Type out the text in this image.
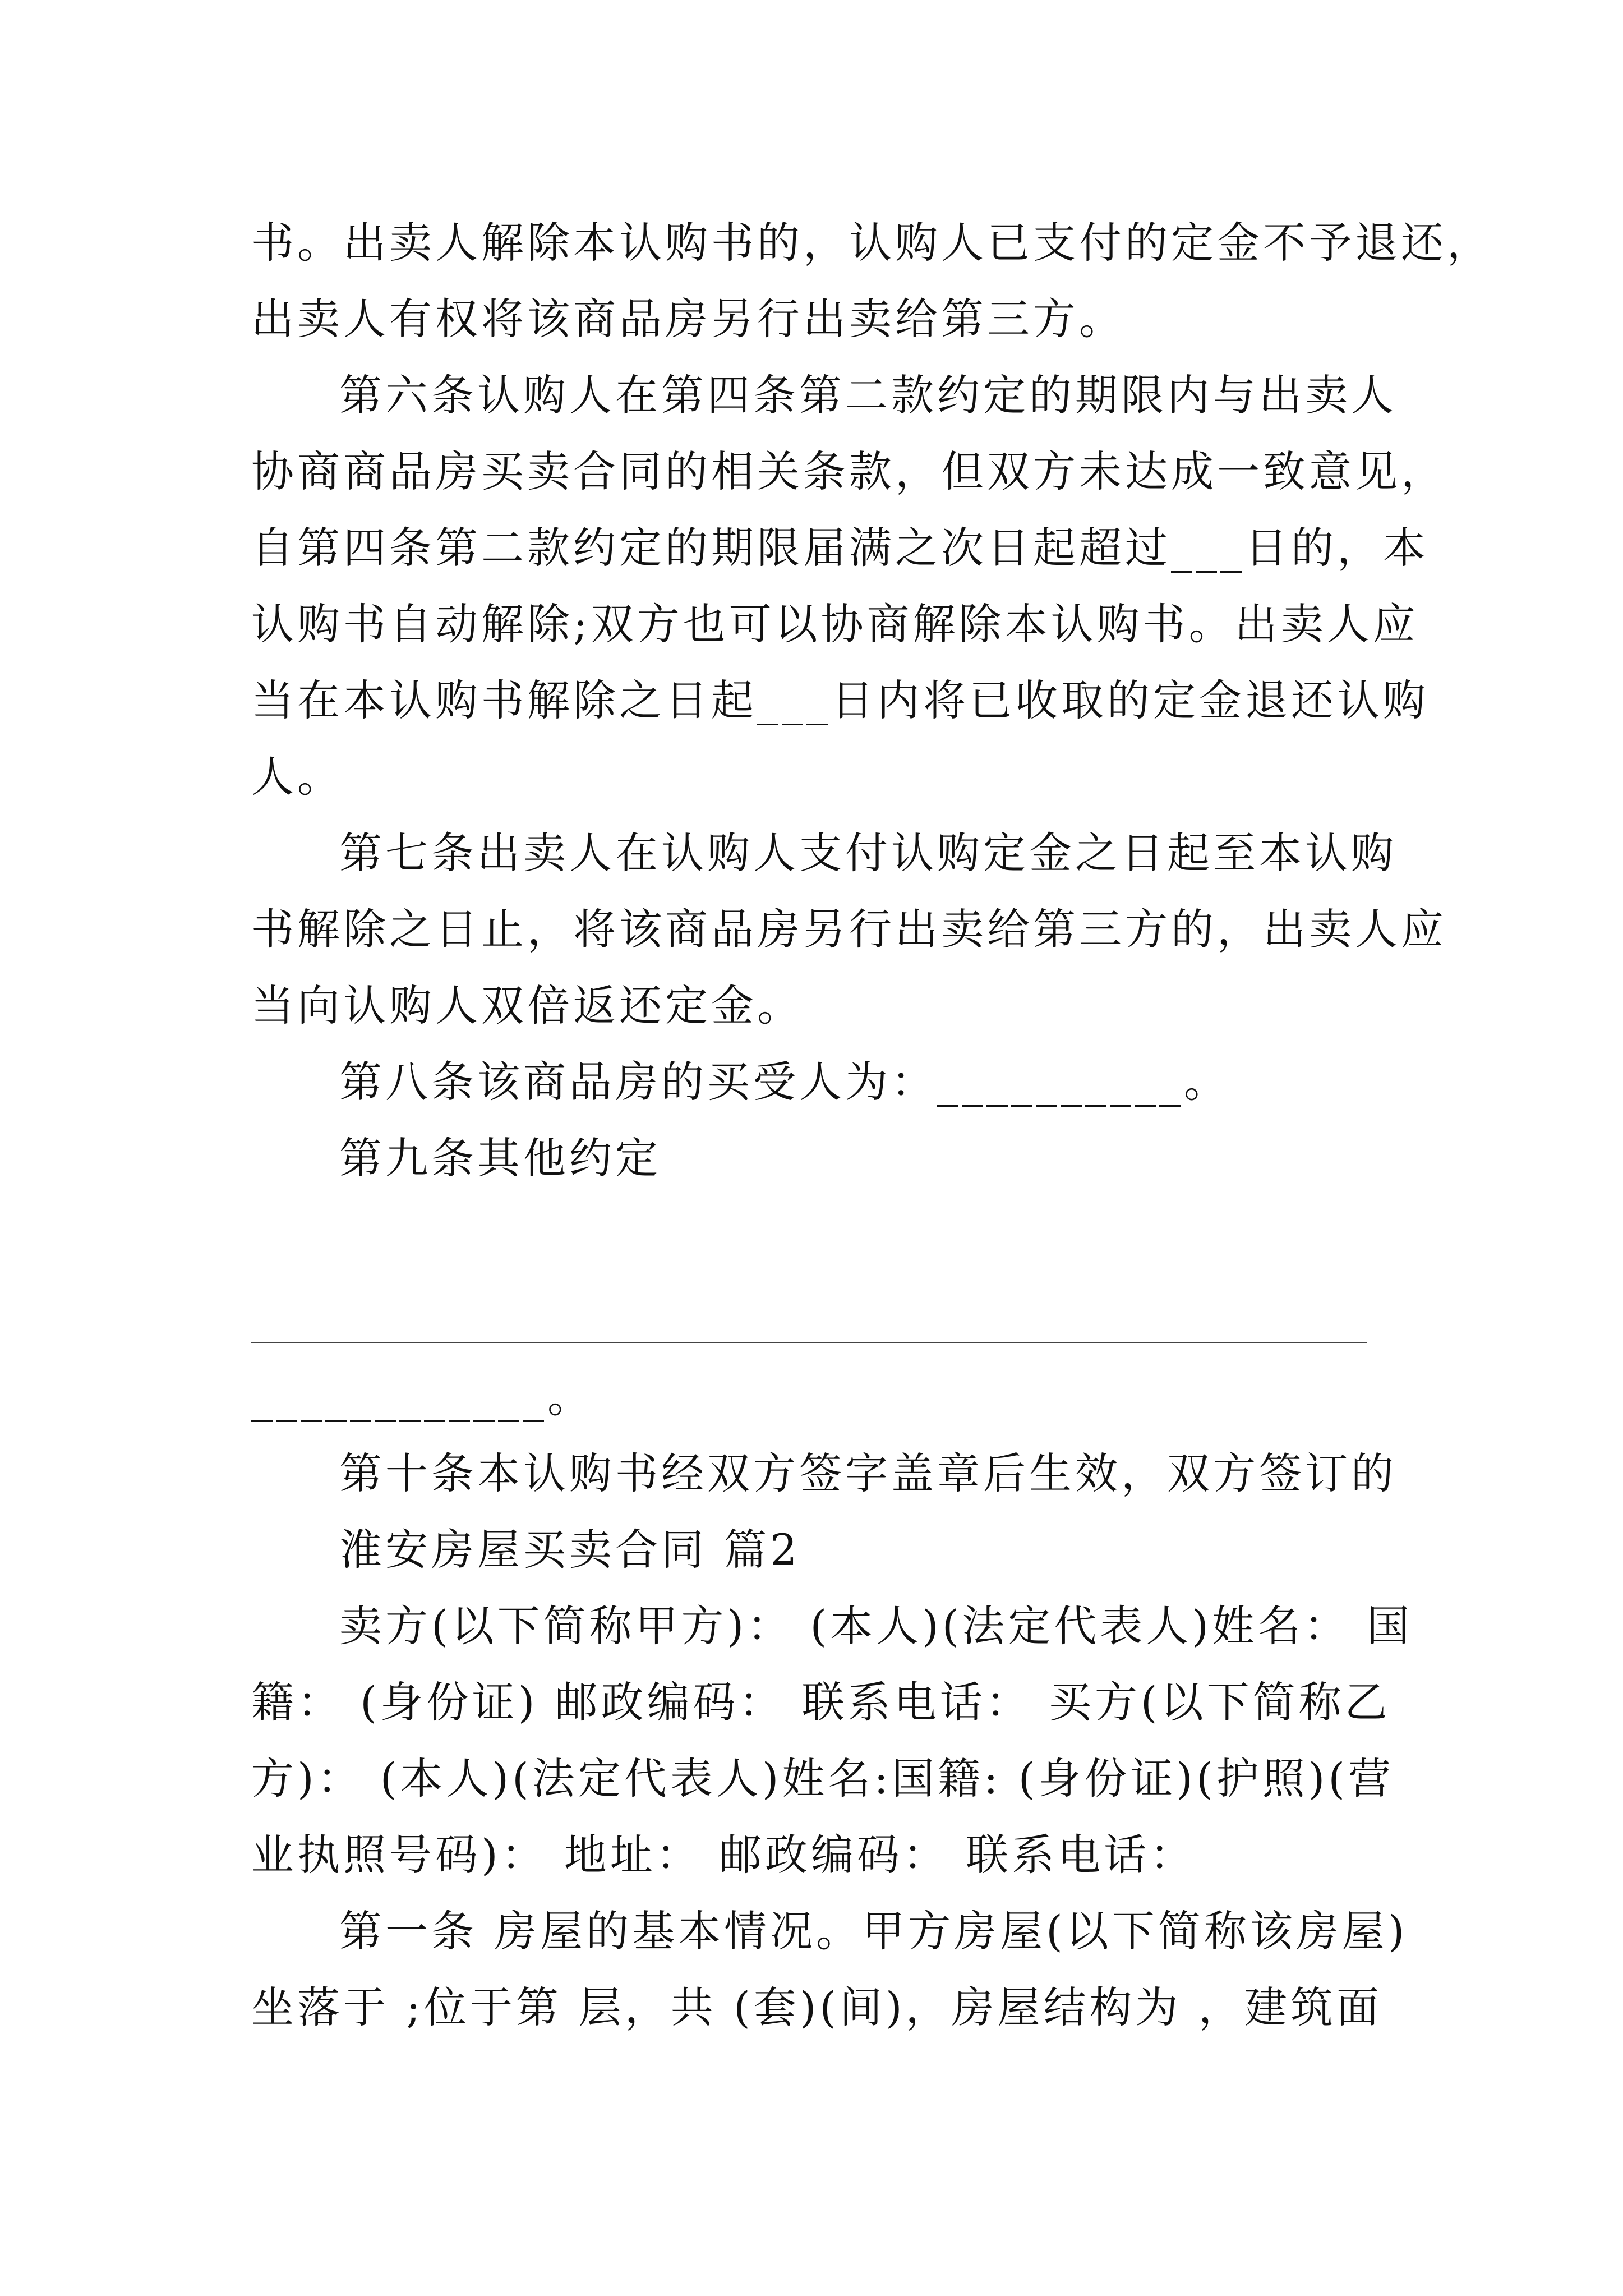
书。出卖人解除本认购书的，认购人已支付的定金不予退还，
出卖人有权将该商品房另行出卖给第三方。
第六条认购人在第四条第二款约定的期限内与出卖人
协商商品房买卖合同的相关条款，但双方未达成一致意见，
自第四条第二款约定的期限届满之次日起超过___日的，本
认购书自动解除;双方也可以协商解除本认购书。出卖人应
当在本认购书解除之日起___日内将已收取的定金退还认购
人。
第七条出卖人在认购人支付认购定金之日起至本认购
书解除之日止，将该商品房另行出卖给第三方的，出卖人应
当向认购人双倍返还定金。
第八条该商品房的买受人为：__________。
第九条其他约定
____________。
第十条本认购书经双方签字盖章后生效，双方签订的
淮安房屋买卖合同 篇2
卖方(以下简称甲方)： (本人)(法定代表人)姓名： 国
籍： (身份证) 邮政编码： 联系电话： 买方(以下简称乙
方)： (本人)(法定代表人)姓名:国籍: (身份证)(护照)(营
业执照号码)： 地址： 邮政编码： 联系电话：
第一条 房屋的基本情况。甲方房屋(以下简称该房屋)
坐落于 ;位于第 层，共 (套)(间)，房屋结构为 ，建筑面
